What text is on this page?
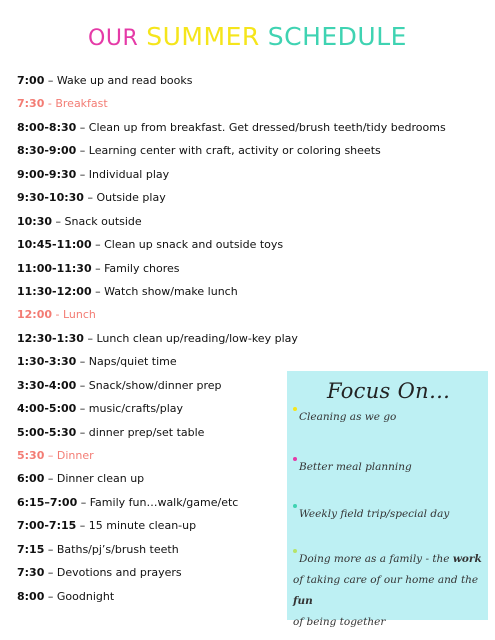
OUR SUMMER SCHEDULE
7:00 – Wake up and read books
7:30 - Breakfast
8:00-8:30 – Clean up from breakfast. Get dressed/brush teeth/tidy bedrooms
8:30-9:00 – Learning center with craft, activity or coloring sheets
9:00-9:30 – Individual play
9:30-10:30 – Outside play
10:30 – Snack outside
10:45-11:00 – Clean up snack and outside toys
11:00-11:30 – Family chores
11:30-12:00 – Watch show/make lunch
12:00 - Lunch
12:30-1:30 – Lunch clean up/reading/low-key play
1:30-3:30 – Naps/quiet time
3:30-4:00 – Snack/show/dinner prep
4:00-5:00 – music/crafts/play
5:00-5:30 – dinner prep/set table
5:30 – Dinner
6:00 – Dinner clean up
6:15–7:00 – Family fun…walk/game/etc
7:00-7:15 – 15 minute clean-up
7:15 – Baths/pj’s/brush teeth
7:30 – Devotions and prayers
8:00 – Goodnight
Focus On…
Cleaning as we go
Better meal planning
Weekly field trip/special day
Doing more as a family - the work
of taking care of our home and the fun
of being together
